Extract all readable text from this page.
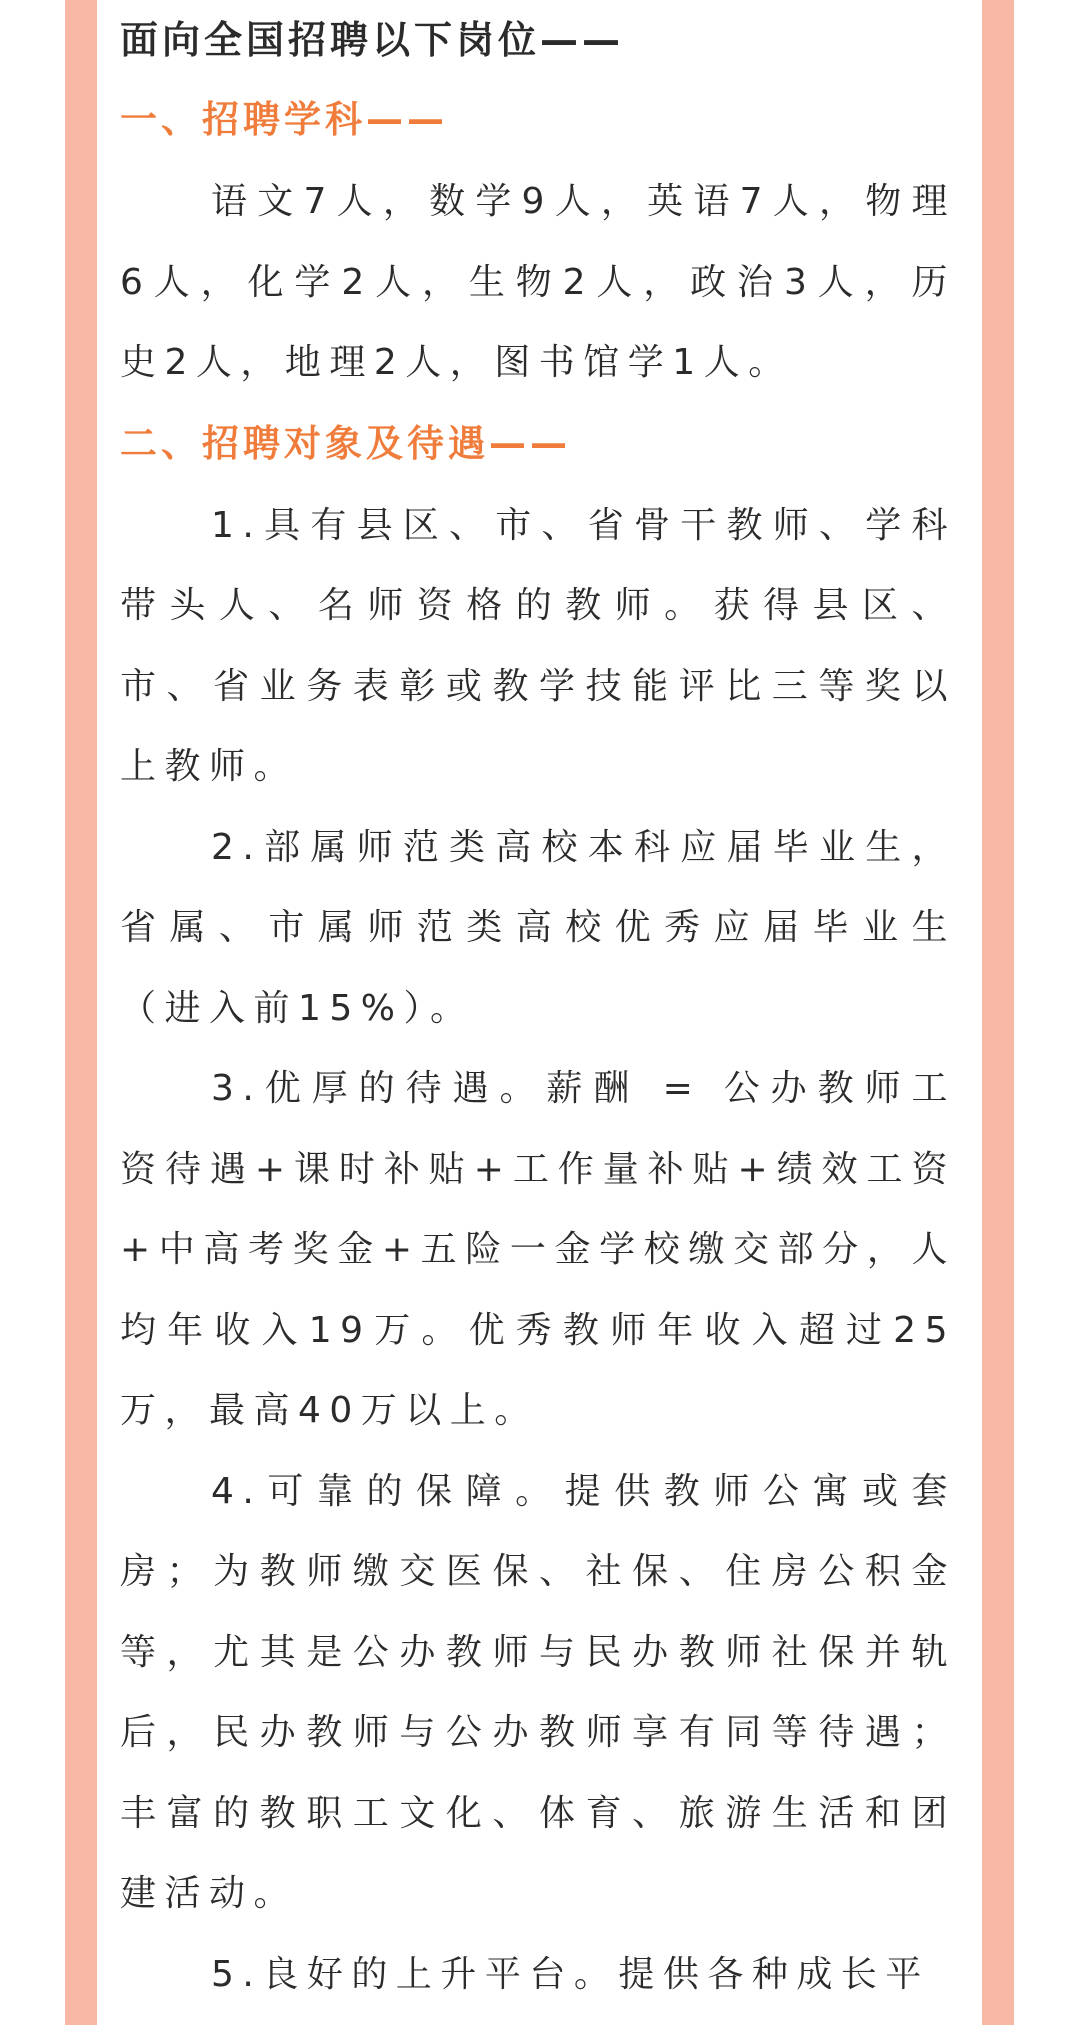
面向全国招聘以下岗位——
一、招聘学科——

语文7人，数学9人，英语7人，物理6人，化学2人，生物2人，政治3人，历史2人，地理2人，图书馆学1人。

二、招聘对象及待遇——

1.具有县区、市、省骨干教师、学科带头人、名师资格的教师。获得县区、市、省业务表彰或教学技能评比三等奖以上教师。

2.部属师范类高校本科应届毕业生，省属、市属师范类高校优秀应届毕业生（进入前15%）。

3.优厚的待遇。薪酬 = 公办教师工资待遇+课时补贴+工作量补贴+绩效工资+中高考奖金+五险一金学校缴交部分，人均年收入19万。优秀教师年收入超过25万，最高40万以上。

4.可靠的保障。提供教师公寓或套房；为教师缴交医保、社保、住房公积金等，尤其是公办教师与民办教师社保并轨后，民办教师与公办教师享有同等待遇；丰富的教职工文化、体育、旅游生活和团建活动。

5.良好的上升平台。提供各种成长平
